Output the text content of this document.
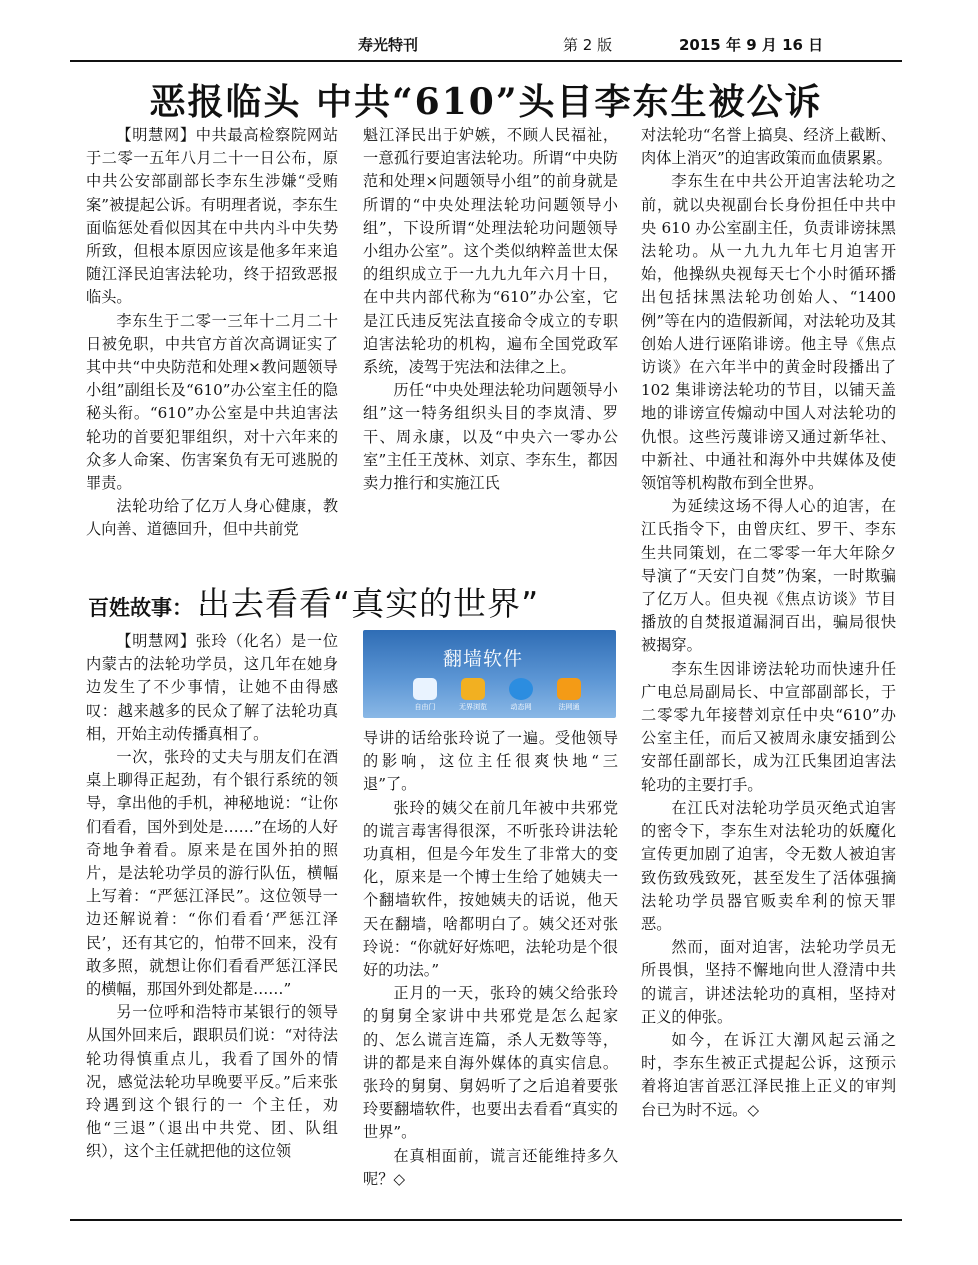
寿光特刊	第 2 版	2015 年 9 月 16 日
恶报临头 中共“610”头目李东生被公诉

【明慧网】中共最高检察院网站于二零一五年八月二十一日公布，原中共公安部副部长李东生涉嫌“受贿案”被提起公诉。有明理者说，李东生面临惩处看似因其在中共内斗中失势所致，但根本原因应该是他多年来追随江泽民迫害法轮功，终于招致恶报临头。

李东生于二零一三年十二月二十日被免职，中共官方首次高调证实了其中共“中央防范和处理×教问题领导小组”副组长及“610”办公室主任的隐秘头衔。“610”办公室是中共迫害法轮功的首要犯罪组织，对十六年来的众多人命案、伤害案负有无可逃脱的罪责。

法轮功给了亿万人身心健康，教人向善、道德回升，但中共前党

魁江泽民出于妒嫉，不顾人民福祉，一意孤行要迫害法轮功。所谓“中央防范和处理×问题领导小组”的前身就是所谓的“中央处理法轮功问题领导小组”，下设所谓“处理法轮功问题领导小组办公室”。这个类似纳粹盖世太保的组织成立于一九九九年六月十日，在中共内部代称为“610”办公室，它是江氏违反宪法直接命令成立的专职迫害法轮功的机构，遍布全国党政军系统，凌驾于宪法和法律之上。

历任“中央处理法轮功问题领导小组”这一特务组织头目的李岚清、罗干、周永康，以及“中央六一零办公室”主任王茂林、刘京、李东生，都因卖力推行和实施江氏

对法轮功“名誉上搞臭、经济上截断、肉体上消灭”的迫害政策而血债累累。

李东生在中共公开迫害法轮功之前，就以央视副台长身份担任中共中央 610 办公室副主任，负责诽谤抹黑法轮功。从一九九九年七月迫害开始，他操纵央视每天七个小时循环播出包括抹黑法轮功创始人、“1400 例”等在内的造假新闻，对法轮功及其创始人进行诬陷诽谤。他主导《焦点访谈》在六年半中的黄金时段播出了 102 集诽谤法轮功的节目，以铺天盖地的诽谤宣传煽动中国人对法轮功的仇恨。这些污蔑诽谤又通过新华社、中新社、中通社和海外中共媒体及使领馆等机构散布到全世界。

为延续这场不得人心的迫害，在江氏指令下，由曾庆红、罗干、李东生共同策划，在二零零一年大年除夕导演了“天安门自焚”伪案，一时欺骗了亿万人。但央视《焦点访谈》节目播放的自焚报道漏洞百出，骗局很快被揭穿。

李东生因诽谤法轮功而快速升任广电总局副局长、中宣部副部长，于二零零九年接替刘京任中央“610”办公室主任，而后又被周永康安插到公安部任副部长，成为江氏集团迫害法轮功的主要打手。

在江氏对法轮功学员灭绝式迫害的密令下，李东生对法轮功的妖魔化宣传更加剧了迫害，令无数人被迫害致伤致残致死，甚至发生了活体强摘法轮功学员器官贩卖牟利的惊天罪恶。

然而，面对迫害，法轮功学员无所畏惧，坚持不懈地向世人澄清中共的谎言，讲述法轮功的真相，坚持对正义的伸张。

如今，在诉江大潮风起云涌之时，李东生被正式提起公诉，这预示着将迫害首恶江泽民推上正义的审判台已为时不远。◇

百姓故事： 出去看看“真实的世界”

【明慧网】张玲（化名）是一位内蒙古的法轮功学员，这几年在她身边发生了不少事情，让她不由得感叹：越来越多的民众了解了法轮功真相，开始主动传播真相了。

一次，张玲的丈夫与朋友们在酒桌上聊得正起劲，有个银行系统的领导，拿出他的手机，神秘地说：“让你们看看，国外到处是……”在场的人好奇地争着看。原来是在国外拍的照片，是法轮功学员的游行队伍，横幅上写着：“严惩江泽民”。这位领导一边还解说着：“你们看看‘严惩江泽民’，还有其它的，怕带不回来，没有敢多照，就想让你们看看严惩江泽民的横幅，那国外到处都是……”

另一位呼和浩特市某银行的领导从国外回来后，跟职员们说：“对待法轮功得慎重点儿，我看了国外的情况，感觉法轮功早晚要平反。”后来张玲遇到这个银行的一 个主任，劝他“三退”（退出中共党、团、队组织），这个主任就把他的这位领

翻墙软件
自由门	无界浏览	动态网	法网通

导讲的话给张玲说了一遍。受他领导的影响，这位主任很爽快地“三退”了。

张玲的姨父在前几年被中共邪党的谎言毒害得很深，不听张玲讲法轮功真相，但是今年发生了非常大的变化，原来是一个博士生给了她姨夫一个翻墙软件，按她姨夫的话说，他天天在翻墙，啥都明白了。姨父还对张玲说：“你就好好炼吧，法轮功是个很好的功法。”

正月的一天，张玲的姨父给张玲的舅舅全家讲中共邪党是怎么起家的、怎么谎言连篇，杀人无数等等，讲的都是来自海外媒体的真实信息。张玲的舅舅、舅妈听了之后追着要张玲要翻墙软件，也要出去看看“真实的世界”。

在真相面前，谎言还能维持多久呢？◇
